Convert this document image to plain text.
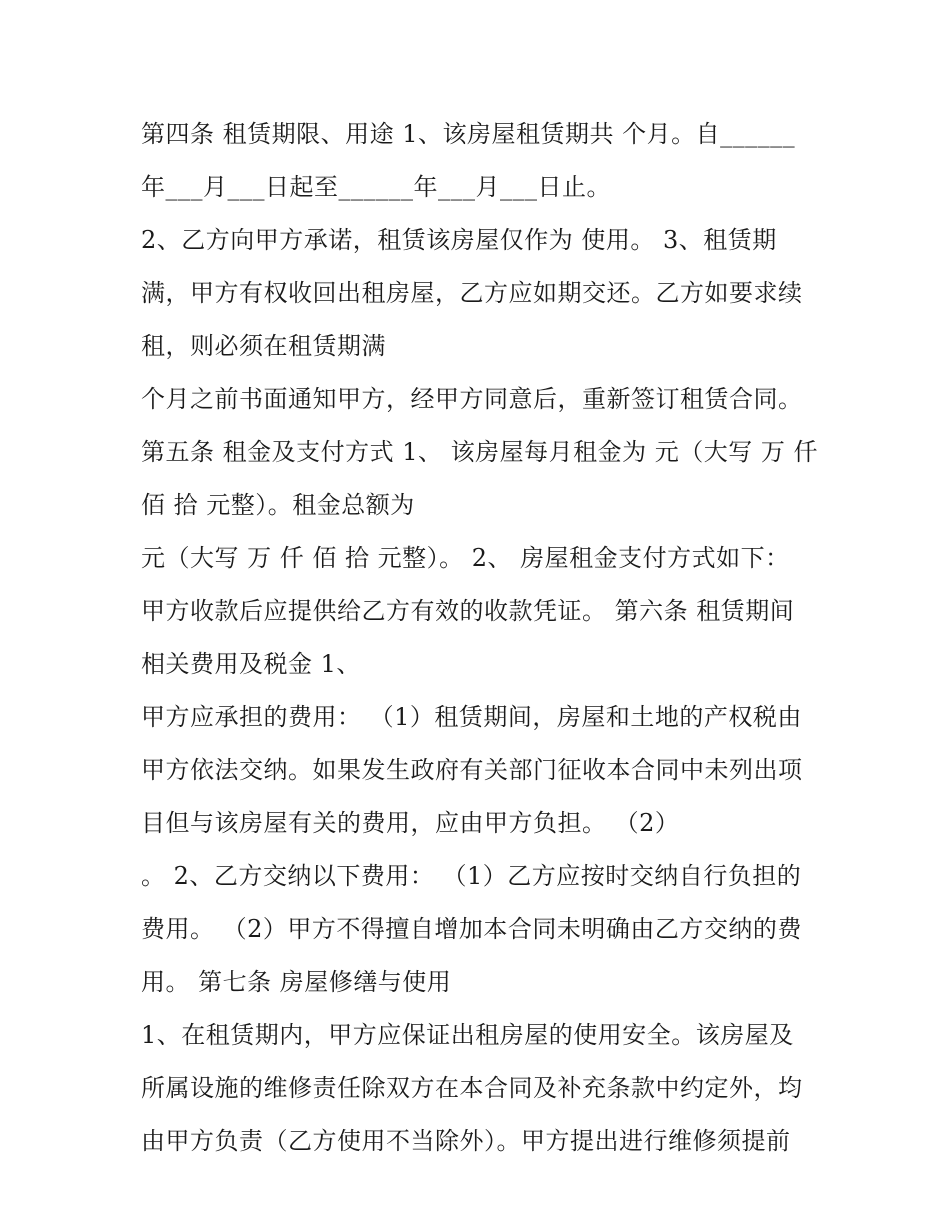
第四条 租赁期限、用途 1、该房屋租赁期共 个月。自______
年___月___日起至______年___月___日止。
2、乙方向甲方承诺，租赁该房屋仅作为 使用。 3、租赁期
满，甲方有权收回出租房屋，乙方应如期交还。乙方如要求续
租，则必须在租赁期满
个月之前书面通知甲方，经甲方同意后，重新签订租赁合同。
第五条 租金及支付方式 1、 该房屋每月租金为 元（大写 万 仟
佰 拾 元整）。租金总额为
元（大写 万 仟 佰 拾 元整）。 2、 房屋租金支付方式如下：
甲方收款后应提供给乙方有效的收款凭证。 第六条 租赁期间
相关费用及税金 1、
甲方应承担的费用： （1）租赁期间，房屋和土地的产权税由
甲方依法交纳。如果发生政府有关部门征收本合同中未列出项
目但与该房屋有关的费用，应由甲方负担。 （2）
。 2、乙方交纳以下费用： （1）乙方应按时交纳自行负担的
费用。 （2）甲方不得擅自增加本合同未明确由乙方交纳的费
用。 第七条 房屋修缮与使用
1、在租赁期内，甲方应保证出租房屋的使用安全。该房屋及
所属设施的维修责任除双方在本合同及补充条款中约定外，均
由甲方负责（乙方使用不当除外）。甲方提出进行维修须提前
